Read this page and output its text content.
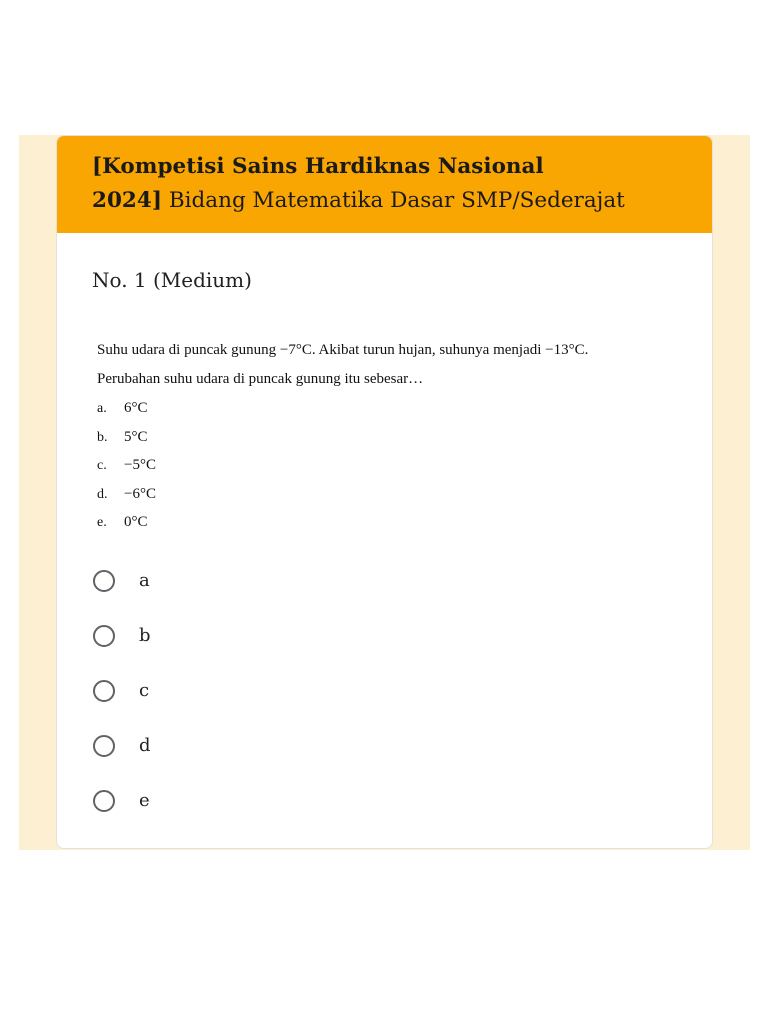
[Kompetisi Sains Hardiknas Nasional
2024] Bidang Matematika Dasar SMP/Sederajat
No. 1 (Medium)
Suhu udara di puncak gunung −7°C. Akibat turun hujan, suhunya menjadi −13°C.
Perubahan suhu udara di puncak gunung itu sebesar…
a. 6°C
b. 5°C
c. −5°C
d. −6°C
e. 0°C
a
b
c
d
e
